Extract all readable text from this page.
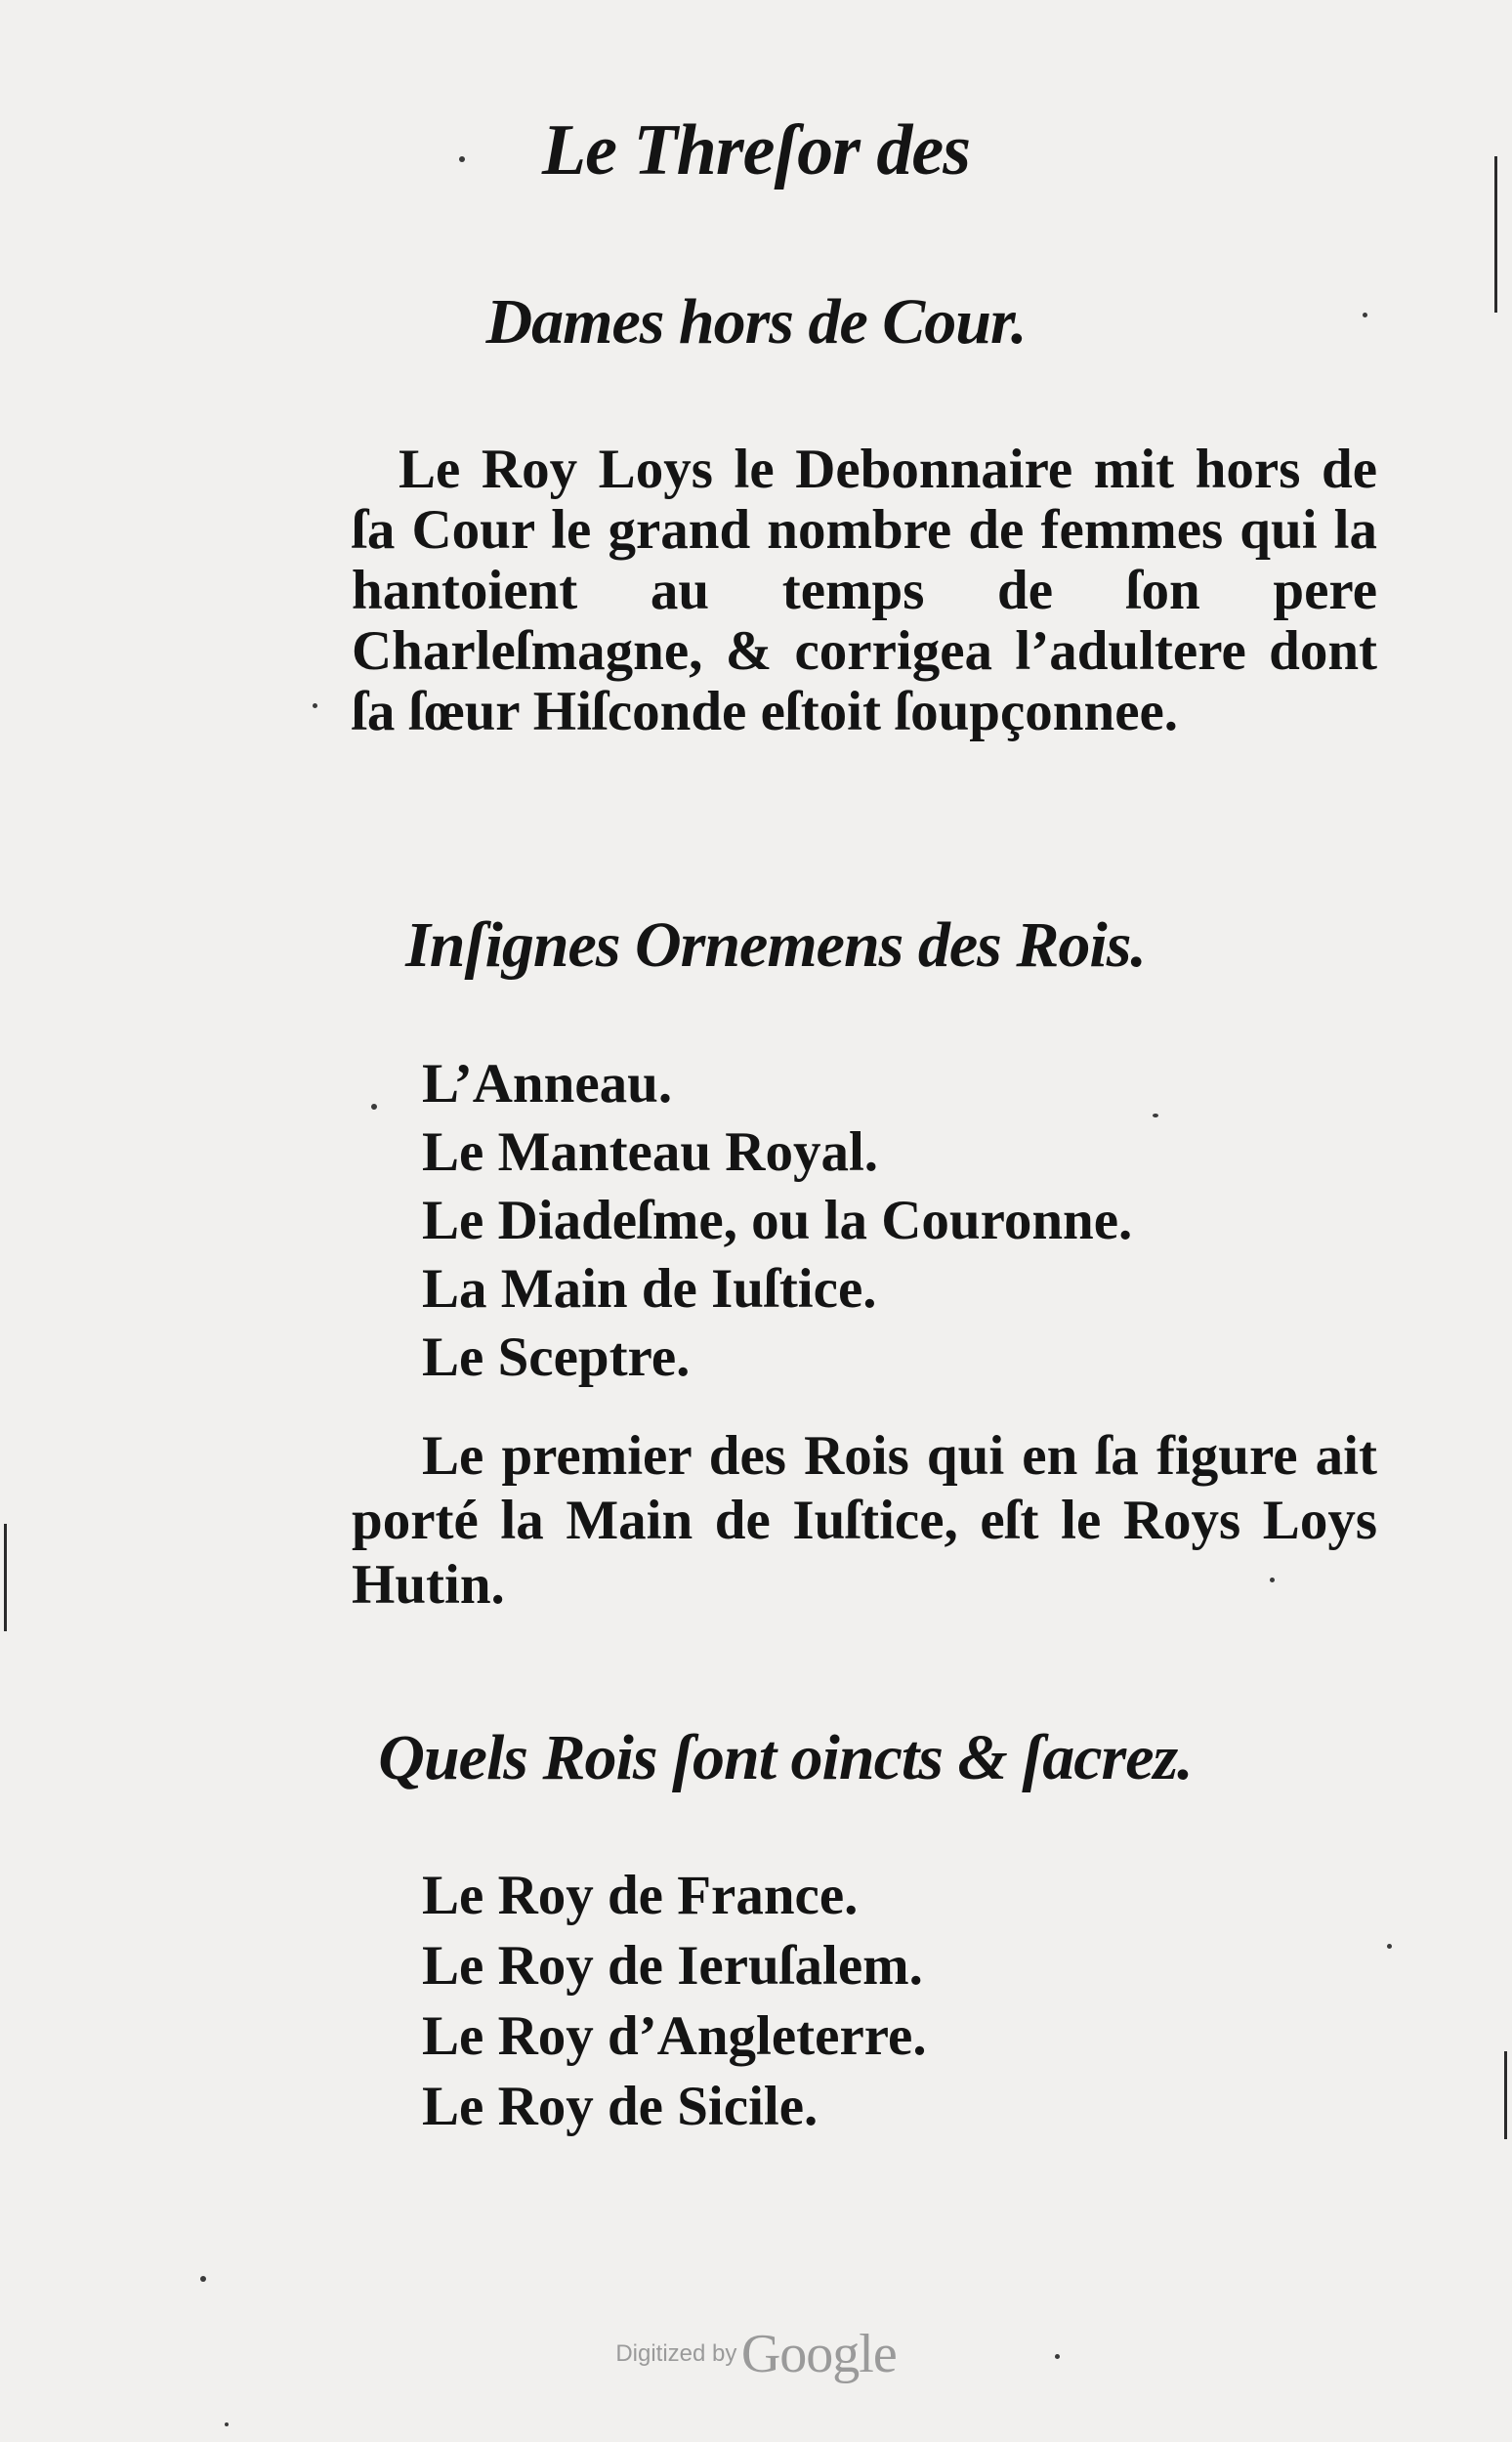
Le Threſor des
Dames hors de Cour.
Le Roy Loys le Debonnaire mit hors de ſa Cour le grand nombre de femmes qui la hantoient au temps de ſon pere Charleſmagne, & corrigea l’adultere dont ſa ſœur Hiſconde eſtoit ſoupçonnee.
Inſignes Ornemens des Rois.
L’Anneau.
Le Manteau Royal.
Le Diadeſme, ou la Couronne.
La Main de Iuſtice.
Le Sceptre.
Le premier des Rois qui en ſa figure ait porté la Main de Iuſtice, eſt le Roys Loys Hutin.
Quels Rois ſont oincts & ſacrez.
Le Roy de France.
Le Roy de Ieruſalem.
Le Roy d’Angleterre.
Le Roy de Sicile.
Digitized by Google
